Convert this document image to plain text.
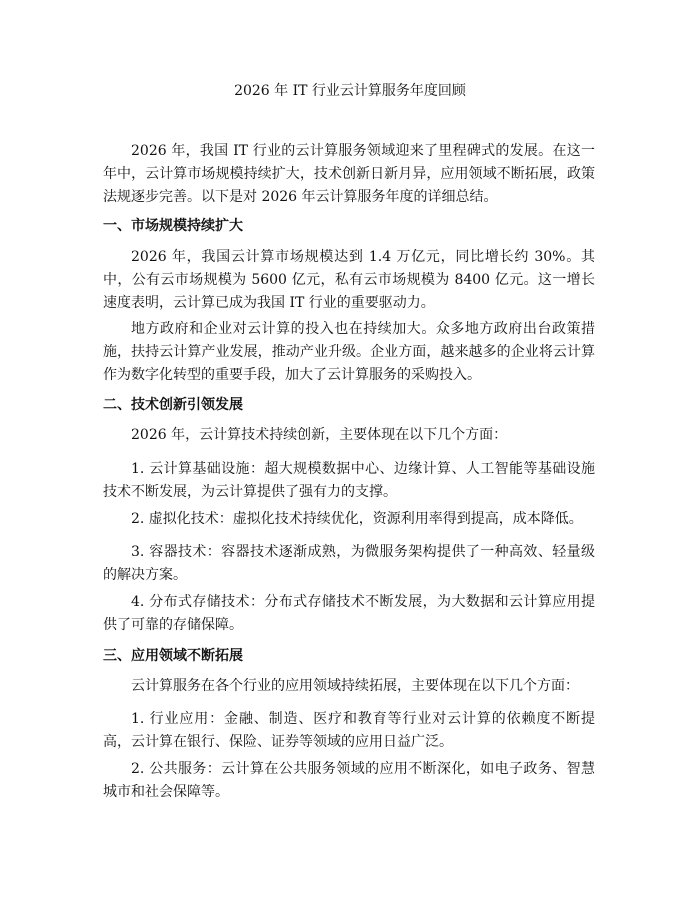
2026 年 IT 行业云计算服务年度回顾
2026 年，我国 IT 行业的云计算服务领域迎来了里程碑式的发展。在这一年中，云计算市场规模持续扩大，技术创新日新月异，应用领域不断拓展，政策法规逐步完善。以下是对 2026 年云计算服务年度的详细总结。
一、市场规模持续扩大
2026 年，我国云计算市场规模达到 1.4 万亿元，同比增长约 30%。其中，公有云市场规模为 5600 亿元，私有云市场规模为 8400 亿元。这一增长速度表明，云计算已成为我国 IT 行业的重要驱动力。
地方政府和企业对云计算的投入也在持续加大。众多地方政府出台政策措施，扶持云计算产业发展，推动产业升级。企业方面，越来越多的企业将云计算作为数字化转型的重要手段，加大了云计算服务的采购投入。
二、技术创新引领发展
2026 年，云计算技术持续创新，主要体现在以下几个方面：
1. 云计算基础设施：超大规模数据中心、边缘计算、人工智能等基础设施技术不断发展，为云计算提供了强有力的支撑。
2. 虚拟化技术：虚拟化技术持续优化，资源利用率得到提高，成本降低。
3. 容器技术：容器技术逐渐成熟，为微服务架构提供了一种高效、轻量级的解决方案。
4. 分布式存储技术：分布式存储技术不断发展，为大数据和云计算应用提供了可靠的存储保障。
三、应用领域不断拓展
云计算服务在各个行业的应用领域持续拓展，主要体现在以下几个方面：
1. 行业应用：金融、制造、医疗和教育等行业对云计算的依赖度不断提高，云计算在银行、保险、证券等领域的应用日益广泛。
2. 公共服务：云计算在公共服务领域的应用不断深化，如电子政务、智慧城市和社会保障等。
